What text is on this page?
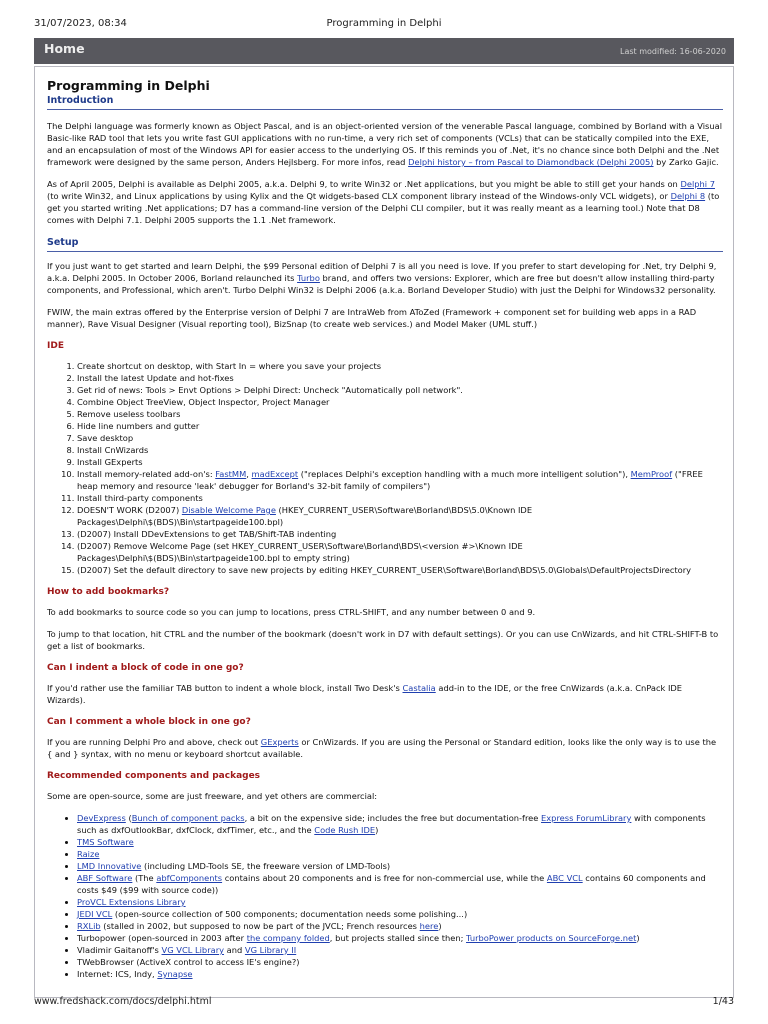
31/07/2023, 08:34	Programming in Delphi
Home	Last modified: 16-06-2020
Programming in Delphi
Introduction

The Delphi language was formerly known as Object Pascal, and is an object-oriented version of the venerable Pascal language, combined by Borland with a Visual Basic-like RAD tool that lets you write fast GUI applications with no run-time, a very rich set of components (VCLs) that can be statically compiled into the EXE, and an encapsulation of most of the Windows API for easier access to the underlying OS. If this reminds you of .Net, it's no chance since both Delphi and the .Net framework were designed by the same person, Anders Hejlsberg. For more infos, read Delphi history – from Pascal to Diamondback (Delphi 2005) by Zarko Gajic.

As of April 2005, Delphi is available as Delphi 2005, a.k.a. Delphi 9, to write Win32 or .Net applications, but you might be able to still get your hands on Delphi 7 (to write Win32, and Linux applications by using Kylix and the Qt widgets-based CLX component library instead of the Windows-only VCL widgets), or Delphi 8 (to get you started writing .Net applications; D7 has a command-line version of the Delphi CLI compiler, but it was really meant as a learning tool.) Note that D8 comes with Delphi 7.1. Delphi 2005 supports the 1.1 .Net framework.

Setup

If you just want to get started and learn Delphi, the $99 Personal edition of Delphi 7 is all you need is love. If you prefer to start developing for .Net, try Delphi 9, a.k.a. Delphi 2005. In October 2006, Borland relaunched its Turbo brand, and offers two versions: Explorer, which are free but doesn't allow installing third-party components, and Professional, which aren't. Turbo Delphi Win32 is Delphi 2006 (a.k.a. Borland Developer Studio) with just the Delphi for Windows32 personality.

FWIW, the main extras offered by the Enterprise version of Delphi 7 are IntraWeb from AToZed (Framework + component set for building web apps in a RAD manner), Rave Visual Designer (Visual reporting tool), BizSnap (to create web services.) and Model Maker (UML stuff.)

IDE
1. Create shortcut on desktop, with Start In = where you save your projects
2. Install the latest Update and hot-fixes
3. Get rid of news: Tools > Envt Options > Delphi Direct: Uncheck "Automatically poll network".
4. Combine Object TreeView, Object Inspector, Project Manager
5. Remove useless toolbars
6. Hide line numbers and gutter
7. Save desktop
8. Install CnWizards
9. Install GExperts
10. Install memory-related add-on's: FastMM, madExcept ("replaces Delphi's exception handling with a much more intelligent solution"), MemProof ("FREE heap memory and resource 'leak' debugger for Borland's 32-bit family of compilers")
11. Install third-party components
12. DOESN'T WORK (D2007) Disable Welcome Page (HKEY_CURRENT_USER\Software\Borland\BDS\5.0\Known IDE Packages\Delphi\$(BDS)\Bin\startpageide100.bpl)
13. (D2007) Install DDevExtensions to get TAB/Shift-TAB indenting
14. (D2007) Remove Welcome Page (set HKEY_CURRENT_USER\Software\Borland\BDS\<version #>\Known IDE Packages\Delphi\$(BDS)\Bin\startpageide100.bpl to empty string)
15. (D2007) Set the default directory to save new projects by editing HKEY_CURRENT_USER\Software\Borland\BDS\5.0\Globals\DefaultProjectsDirectory
How to add bookmarks?

To add bookmarks to source code so you can jump to locations, press CTRL-SHIFT, and any number between 0 and 9.

To jump to that location, hit CTRL and the number of the bookmark (doesn't work in D7 with default settings). Or you can use CnWizards, and hit CTRL-SHIFT-B to get a list of bookmarks.

Can I indent a block of code in one go?

If you'd rather use the familiar TAB button to indent a whole block, install Two Desk's Castalia add-in to the IDE, or the free CnWizards (a.k.a. CnPack IDE Wizards).

Can I comment a whole block in one go?

If you are running Delphi Pro and above, check out GExperts or CnWizards. If you are using the Personal or Standard edition, looks like the only way is to use the { and } syntax, with no menu or keyboard shortcut available.

Recommended components and packages

Some are open-source, some are just freeware, and yet others are commercial:

• DevExpress (Bunch of component packs, a bit on the expensive side; includes the free but documentation-free Express ForumLibrary with components such as dxfOutlookBar, dxfClock, dxfTimer, etc., and the Code Rush IDE)
• TMS Software
• Raize
• LMD Innovative (including LMD-Tools SE, the freeware version of LMD-Tools)
• ABF Software (The abfComponents contains about 20 components and is free for non-commercial use, while the ABC VCL contains 60 components and costs $49 ($99 with source code))
• ProVCL Extensions Library
• JEDI VCL (open-source collection of 500 components; documentation needs some polishing...)
• RXLib (stalled in 2002, but supposed to now be part of the JVCL; French resources here)
• Turbopower (open-sourced in 2003 after the company folded, but projects stalled since then; TurboPower products on SourceForge.net)
• Vladimir Gaitanoff's VG VCL Library and VG Library II
• TWebBrowser (ActiveX control to access IE's engine?)
• Internet: ICS, Indy, Synapse
www.fredshack.com/docs/delphi.html	1/43
